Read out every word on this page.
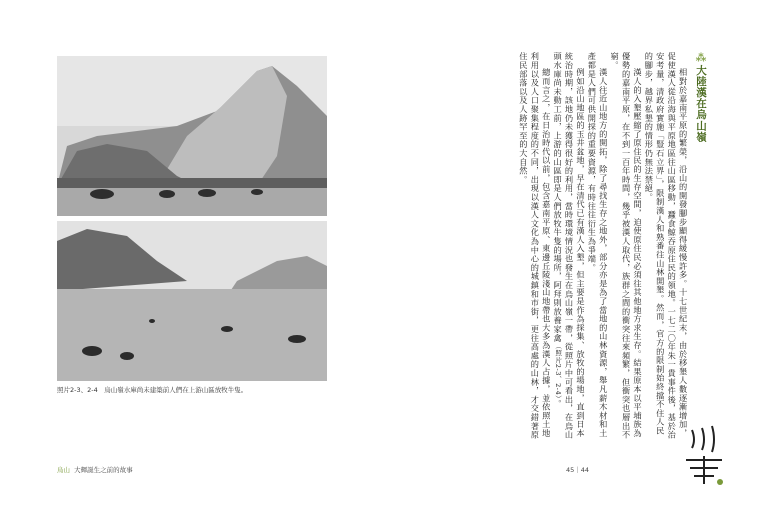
照片2-3、2-4　烏山嶺水庫尚未建築前人們在上游山區放牧牛隻。
烏山 大輝誕生之前的故事
⁂大陸漢在烏山嶺

相對於嘉南平原的繁榮，沿山的開發腳步顯得緩慢許多。十七世紀末，由於移墾人數逐漸增加，促使漢人從沿海與平原地區往山區移動，蠶食鯨吞原住民的領地。一七二〇年朱一貴事件後，基於治安考量，清政府實施「豎石立界」，限制漢人和熟番往山林開墾。然而，官方的限制始終擋不住人民的腳步，越界私墾的情形仍無法禁絕。

漢人的入墾壓縮了原住民的生存空間，迫使原住民必須往其他地方求生存。結果原本以平埔族為優勢的嘉南平原，在不到一百年時間，幾乎被漢人取代，族群之間的衝突往來頻繁，但衝突也層出不窮。

漢人往近山地方的開拓，除了尋找生存之地外，部分亦是為了當地的山林資源，舉凡薪木材和土產都是人們可供開採的重要資源，有時往往衍生為爭端。

例如沿山地區的玉井盆地，早在清代已有漢人入墾，但主要是作為採集、放牧的場地，直到日本統治時期，該地仍未獲得很好的利用，當時環境情況也發生在烏山嶺一帶，從照片中可看出，在烏山頭水庫尚未動工前，上游的山區即是人們放牧牛隻的場所，阿拜則放養家禽（照片2-3、2-4）。

總而言之，在日治時代以前，包含嘉南平原、東邊丘陵淺山地帶也大多為漢人占據，並依照土地利用以及人口聚集程度的不同，出現以漢人文化為中心的城鎮和市街，更往高處的山林，才交錯著原住民部落以及人跡罕至的大自然。

45｜44
